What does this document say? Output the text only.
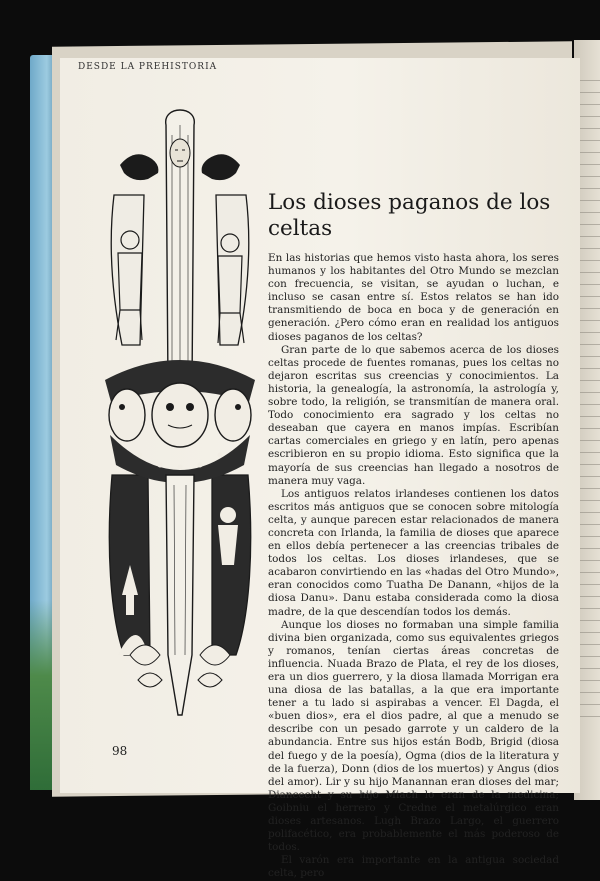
DESDE LA PREHISTORIA
Los dioses paganos de los celtas

En las historias que hemos visto hasta ahora, los seres humanos y los habitantes del Otro Mundo se mezclan con frecuencia, se visitan, se ayudan o luchan, e incluso se casan entre sí. Estos relatos se han ido transmitiendo de boca en boca y de generación en generación. ¿Pero cómo eran en realidad los antiguos dioses paganos de los celtas?

Gran parte de lo que sabemos acerca de los dioses celtas procede de fuentes romanas, pues los celtas no dejaron escritas sus creencias y conocimientos. La historia, la genealogía, la astronomía, la astrología y, sobre todo, la religión, se transmitían de manera oral. Todo conocimiento era sagrado y los celtas no deseaban que cayera en manos impías. Escribían cartas comerciales en griego y en latín, pero apenas escribieron en su propio idioma. Esto significa que la mayoría de sus creencias han llegado a nosotros de manera muy vaga.

Los antiguos relatos irlandeses contienen los datos escritos más antiguos que se conocen sobre mitología celta, y aunque parecen estar relacionados de manera concreta con Irlanda, la familia de dioses que aparece en ellos debía pertenecer a las creencias tribales de todos los celtas. Los dioses irlandeses, que se acabaron convirtiendo en las «hadas del Otro Mundo», eran conocidos como Tuatha De Danann, «hijos de la diosa Danu». Danu estaba considerada como la diosa madre, de la que descendían todos los demás.

Aunque los dioses no formaban una simple familia divina bien organizada, como sus equivalentes griegos y romanos, tenían ciertas áreas concretas de influencia. Nuada Brazo de Plata, el rey de los dioses, era un dios guerrero, y la diosa llamada Morrigan era una diosa de las batallas, a la que era importante tener a tu lado si aspirabas a vencer. El Dagda, el «buen dios», era el dios padre, al que a menudo se describe con un pesado garrote y un caldero de la abundancia. Entre sus hijos están Bodb, Brigid (diosa del fuego y de la poesía), Ogma (dios de la literatura y de la fuerza), Donn (dios de los muertos) y Angus (dios del amor). Lir y su hijo Manannan eran dioses del mar; Diancecht y su hijo Miach lo eran de la medicina; Goibniu el herrero y Credne el metalúrgico eran dioses artesanos. Lugh Brazo Largo, el guerrero polifacético, era probablemente el más poderoso de todos.

El varón era importante en la antigua sociedad celta, pero

98
